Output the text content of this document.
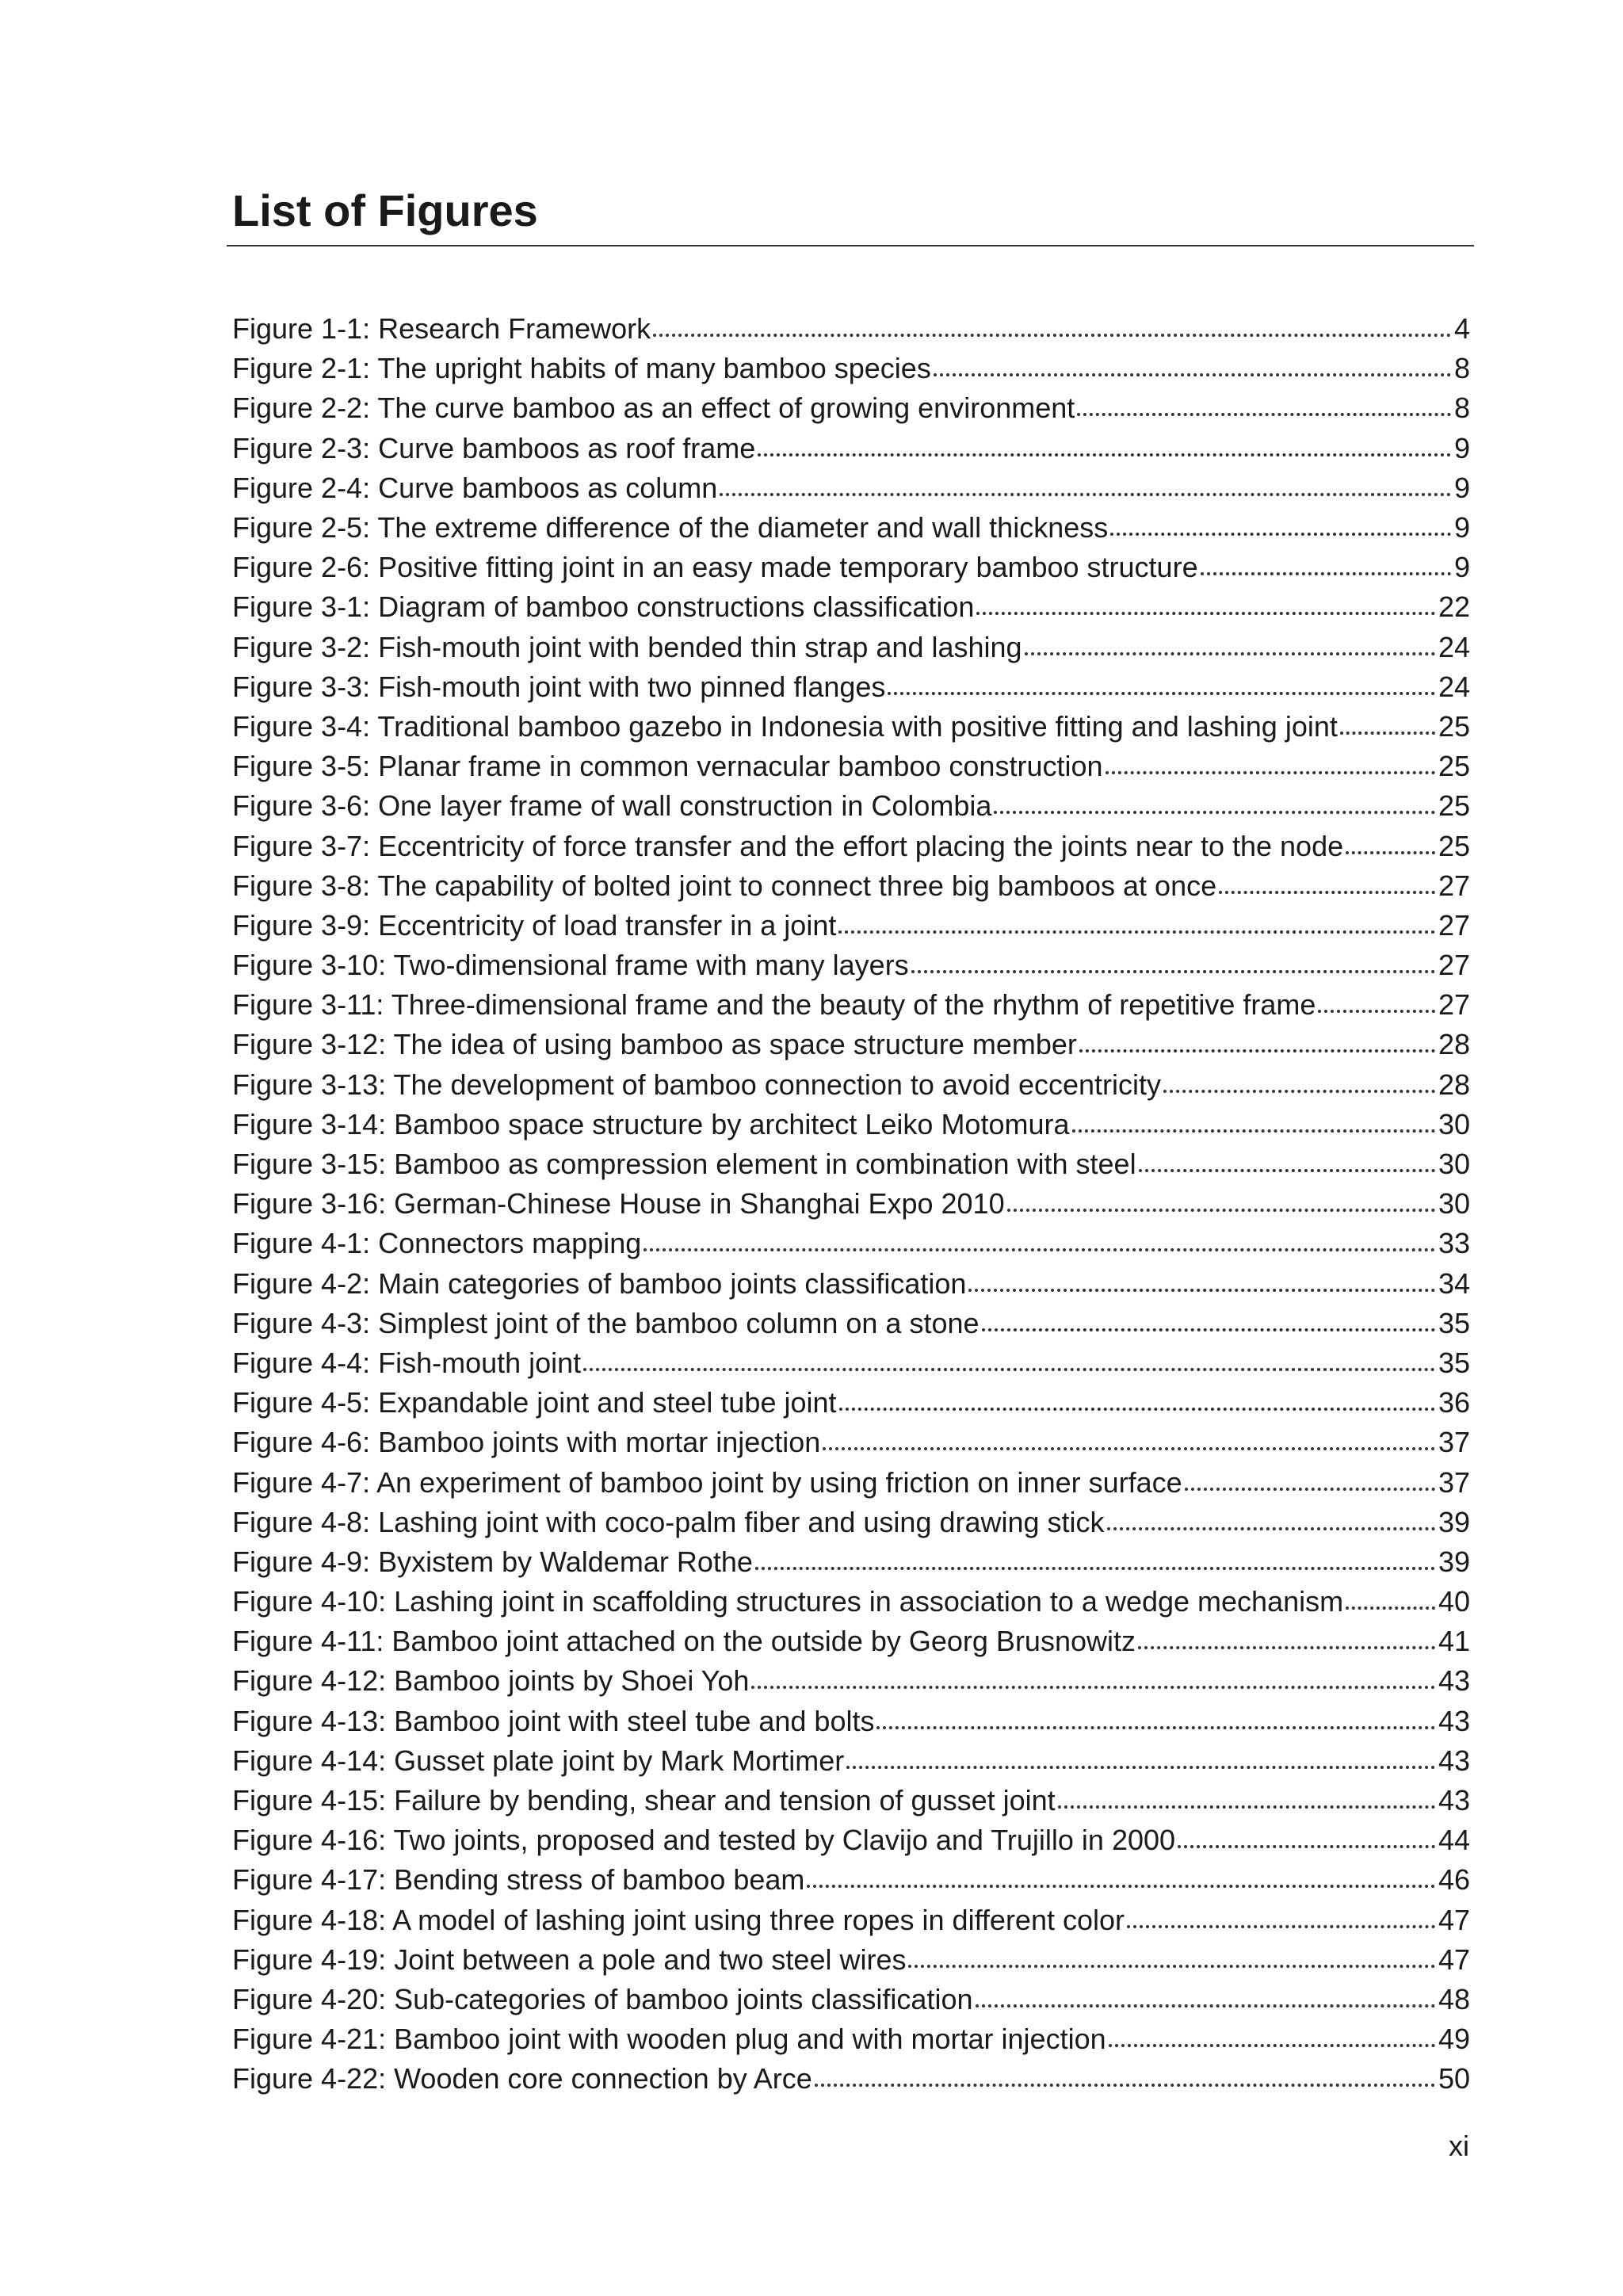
List of Figures
Figure 1-1: Research Framework	4
Figure 2-1: The upright habits of many bamboo species	8
Figure 2-2: The curve bamboo as an effect of growing environment	8
Figure 2-3: Curve bamboos as roof frame	9
Figure 2-4: Curve bamboos as column	9
Figure 2-5: The extreme difference of the diameter and wall thickness	9
Figure 2-6: Positive fitting joint in an easy made temporary bamboo structure	9
Figure 3-1: Diagram of bamboo constructions classification	22
Figure 3-2: Fish-mouth joint with bended thin strap and lashing	24
Figure 3-3: Fish-mouth joint with two pinned flanges	24
Figure 3-4: Traditional bamboo gazebo in Indonesia with positive fitting and lashing joint	25
Figure 3-5: Planar frame in common vernacular bamboo construction	25
Figure 3-6: One layer frame of wall construction in Colombia	25
Figure 3-7: Eccentricity of force transfer and the effort placing the joints near to the node	25
Figure 3-8: The capability of bolted joint to connect three big bamboos at once	27
Figure 3-9: Eccentricity of load transfer in a joint	27
Figure 3-10: Two-dimensional frame with many layers	27
Figure 3-11: Three-dimensional frame and the beauty of the rhythm of repetitive frame	27
Figure 3-12: The idea of using bamboo as space structure member	28
Figure 3-13: The development of bamboo connection to avoid eccentricity	28
Figure 3-14: Bamboo space structure by architect Leiko Motomura	30
Figure 3-15: Bamboo as compression element in combination with steel	30
Figure 3-16: German-Chinese House in Shanghai Expo 2010	30
Figure 4-1: Connectors mapping	33
Figure 4-2: Main categories of bamboo joints classification	34
Figure 4-3: Simplest joint of the bamboo column on a stone	35
Figure 4-4: Fish-mouth joint	35
Figure 4-5: Expandable joint and steel tube joint	36
Figure 4-6: Bamboo joints with mortar injection	37
Figure 4-7: An experiment of bamboo joint by using friction on inner surface	37
Figure 4-8: Lashing joint with coco-palm fiber and using drawing stick	39
Figure 4-9: Byxistem by Waldemar Rothe	39
Figure 4-10: Lashing joint in scaffolding structures in association to a wedge mechanism	40
Figure 4-11: Bamboo joint attached on the outside by Georg Brusnowitz	41
Figure 4-12: Bamboo joints by Shoei Yoh	43
Figure 4-13: Bamboo joint with steel tube and bolts	43
Figure 4-14: Gusset plate joint by Mark Mortimer	43
Figure 4-15: Failure by bending, shear and tension of gusset joint	43
Figure 4-16: Two joints, proposed and tested by Clavijo and Trujillo in 2000	44
Figure 4-17: Bending stress of bamboo beam	46
Figure 4-18: A model of lashing joint using three ropes in different color	47
Figure 4-19: Joint between a pole and two steel wires	47
Figure 4-20: Sub-categories of bamboo joints classification	48
Figure 4-21: Bamboo joint with wooden plug and with mortar injection	49
Figure 4-22: Wooden core connection by Arce	50
xi
